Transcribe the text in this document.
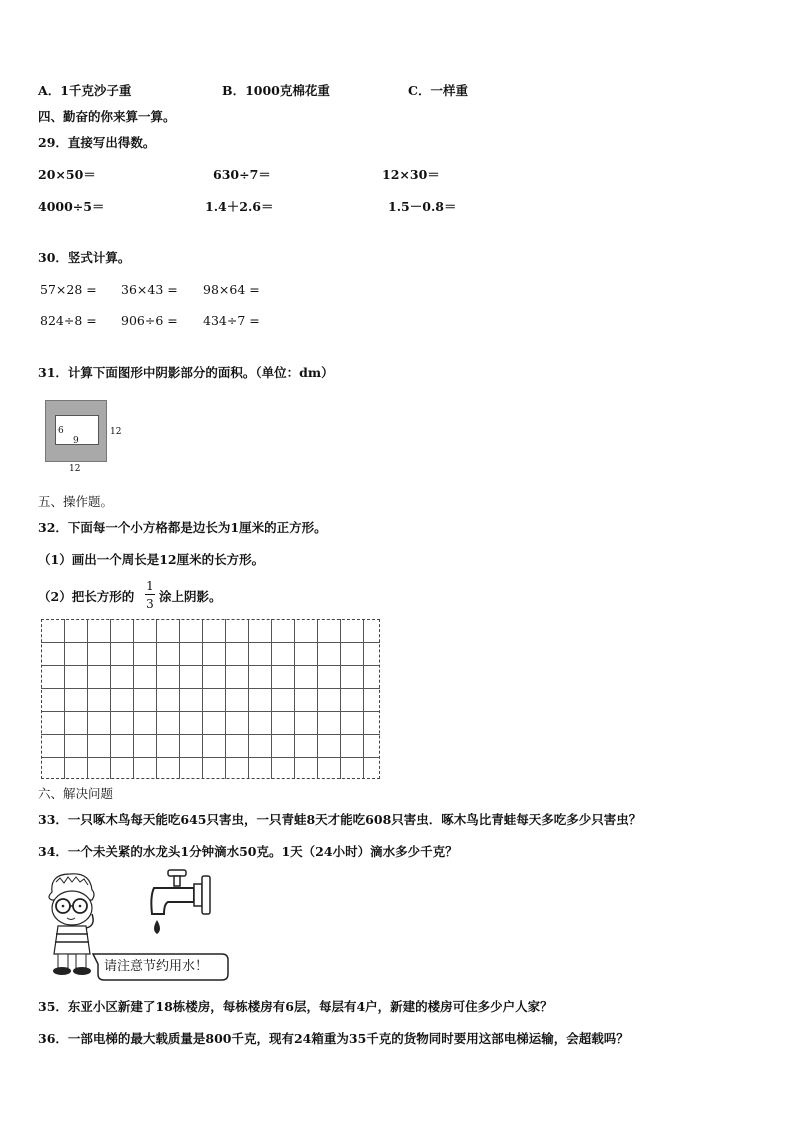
A．1千克沙子重	B．1000克棉花重	C．一样重
四、勤奋的你来算一算。
29．直接写出得数。
20×50＝	630÷7＝	12×30＝
4000÷5＝	1.4＋2.6＝	1.5－0.8＝
30．竖式计算。
57×28 = 36×43 = 98×64 =
824÷8 = 906÷6 = 434÷7 =
31．计算下面图形中阴影部分的面积。（单位：dm）
6
9
12
12
五、操作题。
32．下面每一个小方格都是边长为1厘米的正方形。
（1）画出一个周长是12厘米的长方形。
（2）把长方形的
1
3 涂上阴影。
六、解决问题
33．一只啄木鸟每天能吃645只害虫，一只青蛙8天才能吃608只害虫．啄木鸟比青蛙每天多吃多少只害虫？
34．一个未关紧的水龙头1分钟滴水50克。1天（24小时）滴水多少千克？
请注意节约用水！
35．东亚小区新建了18栋楼房，每栋楼房有6层，每层有4户，新建的楼房可住多少户人家？
36．一部电梯的最大载质量是800千克，现有24箱重为35千克的货物同时要用这部电梯运输，会超载吗？
